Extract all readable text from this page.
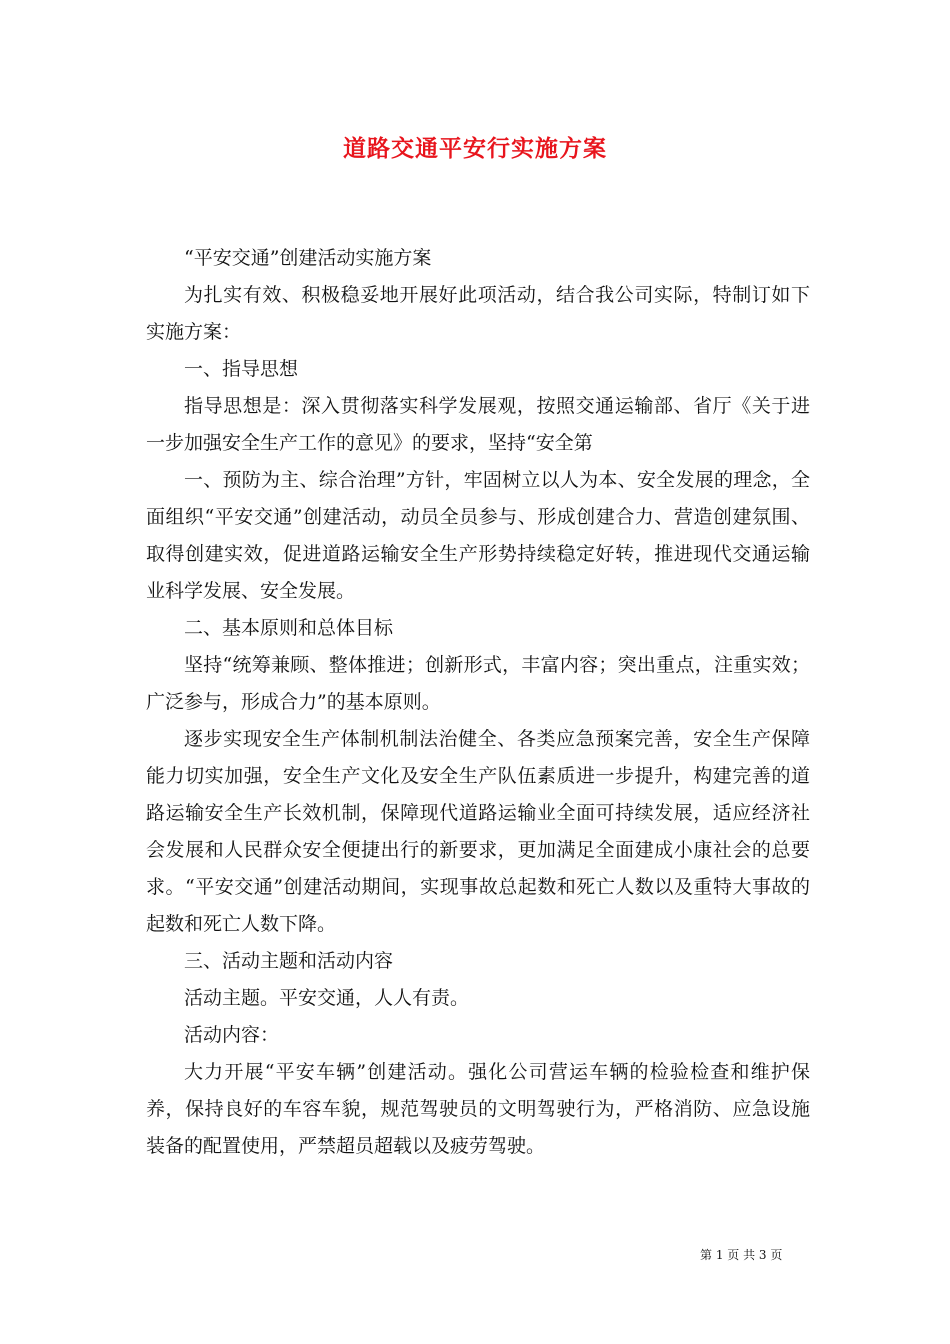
道路交通平安行实施方案

“平安交通”创建活动实施方案

为扎实有效、积极稳妥地开展好此项活动，结合我公司实际，特制订如下实施方案：

一、指导思想

指导思想是：深入贯彻落实科学发展观，按照交通运输部、省厅《关于进一步加强安全生产工作的意见》的要求，坚持“安全第

一、预防为主、综合治理”方针，牢固树立以人为本、安全发展的理念，全面组织“平安交通”创建活动，动员全员参与、形成创建合力、营造创建氛围、取得创建实效，促进道路运输安全生产形势持续稳定好转，推进现代交通运输业科学发展、安全发展。

二、基本原则和总体目标

坚持“统筹兼顾、整体推进；创新形式，丰富内容；突出重点，注重实效；广泛参与，形成合力”的基本原则。

逐步实现安全生产体制机制法治健全、各类应急预案完善，安全生产保障能力切实加强，安全生产文化及安全生产队伍素质进一步提升，构建完善的道路运输安全生产长效机制，保障现代道路运输业全面可持续发展，适应经济社会发展和人民群众安全便捷出行的新要求，更加满足全面建成小康社会的总要求。“平安交通”创建活动期间，实现事故总起数和死亡人数以及重特大事故的起数和死亡人数下降。

三、活动主题和活动内容

活动主题。平安交通，人人有责。

活动内容：

大力开展“平安车辆”创建活动。强化公司营运车辆的检验检查和维护保养，保持良好的车容车貌，规范驾驶员的文明驾驶行为，严格消防、应急设施装备的配置使用，严禁超员超载以及疲劳驾驶。

第 1 页 共 3 页
